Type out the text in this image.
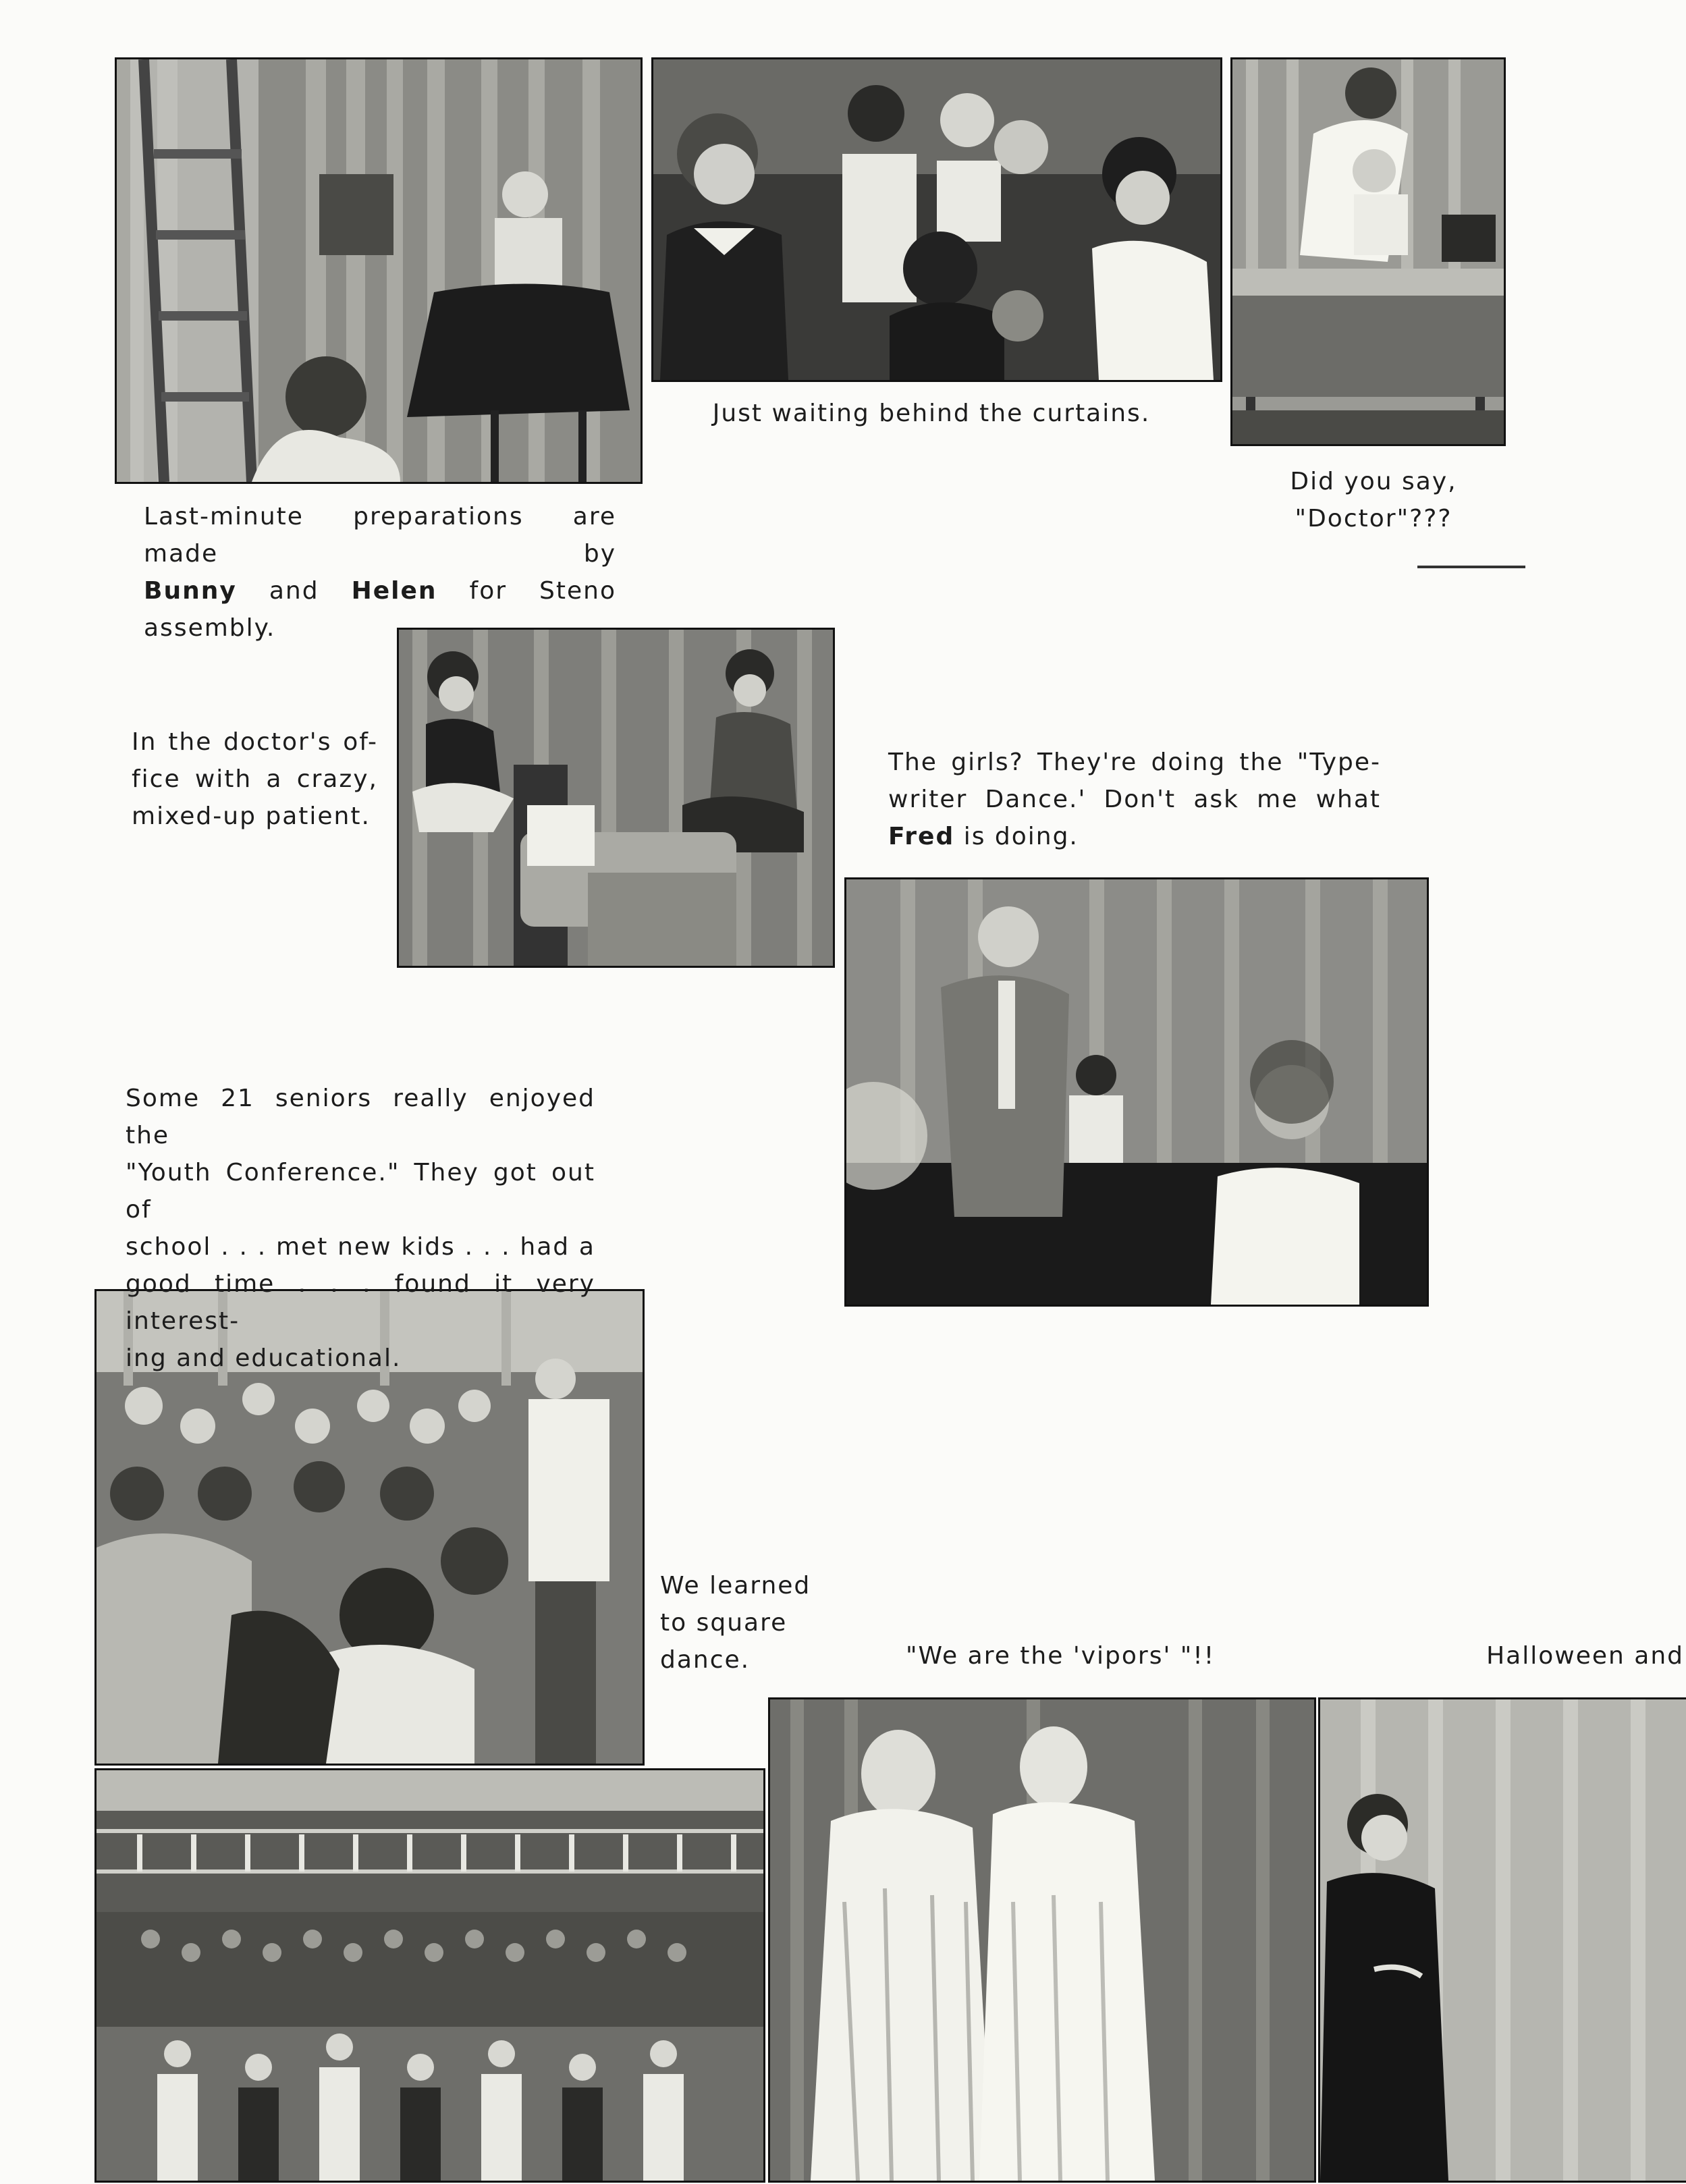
Last-minute preparations are made by
Bunny and Helen for Steno assembly.
Just waiting behind the curtains.
Did you say,
"Doctor"???
In the doctor's of-
fice with a crazy,
mixed-up patient.
The girls? They're doing the "Type-
writer Dance.' Don't ask me what
Fred is doing.
Some 21 seniors really enjoyed the
"Youth Conference." They got out of
school . . . met new kids . . . had a
good time . . . found it very interest-
ing and educational.
We learned
to square
dance.	"We are the 'vipors' "!!	Halloween and
